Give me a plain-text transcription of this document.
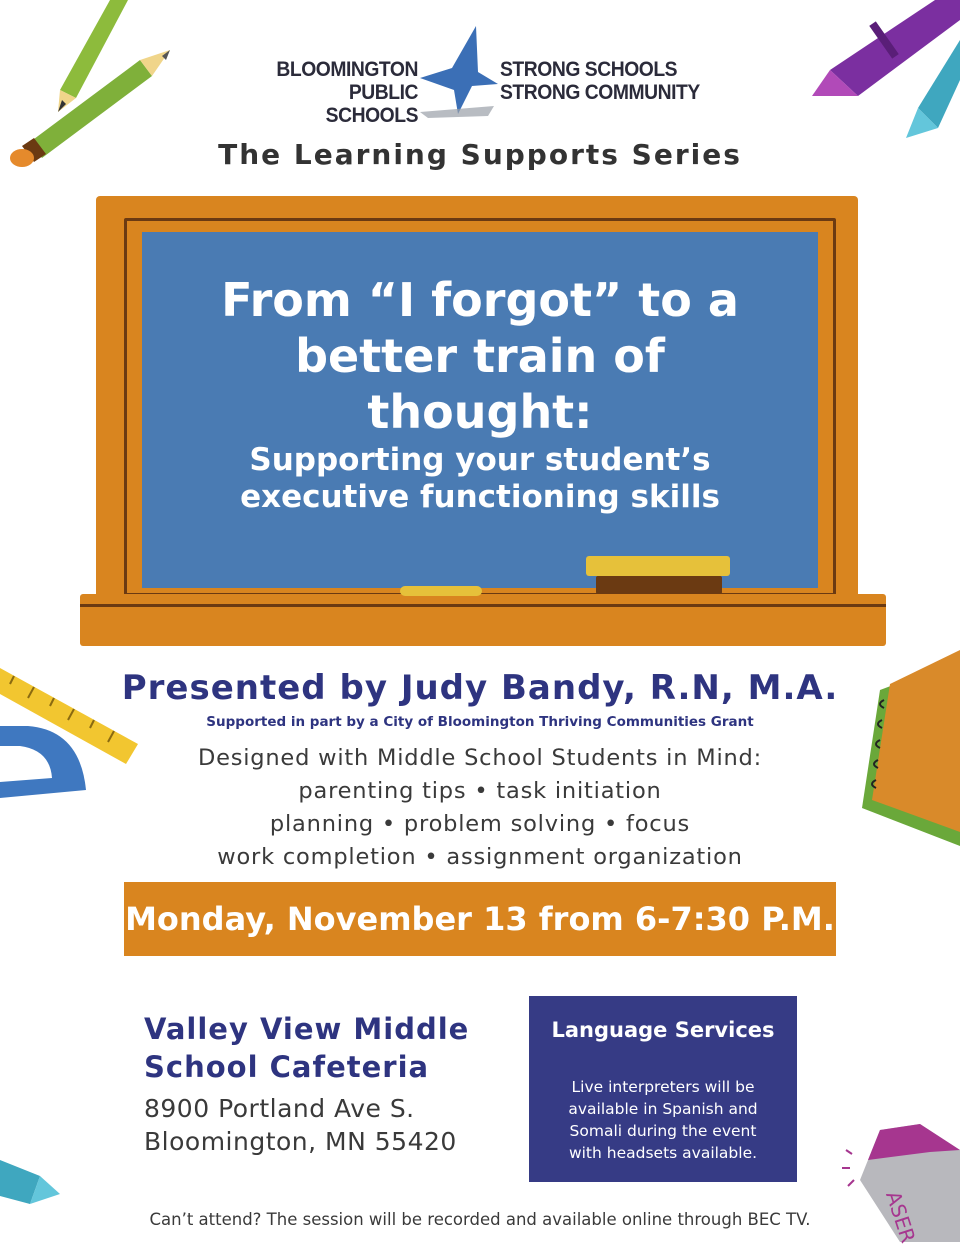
BLOOMINGTON
PUBLIC SCHOOLS
STRONG SCHOOLS
STRONG COMMUNITY
The Learning Supports Series
From “I forgot” to a
better train of
thought:
Supporting your student’s
executive functioning skills
Presented by Judy Bandy, R.N, M.A.
Supported in part by a City of Bloomington Thriving Communities Grant
Designed with Middle School Students in Mind:
parenting tips • task initiation
planning • problem solving • focus
work completion • assignment organization
Monday, November 13 from 6-7:30 P.M.
Valley View Middle
School Cafeteria
8900 Portland Ave S.
Bloomington, MN 55420
Language Services
Live interpreters will be
available in Spanish and
Somali during the event
with headsets available.
ASER
Can’t attend? The session will be recorded and available online through BEC TV.
